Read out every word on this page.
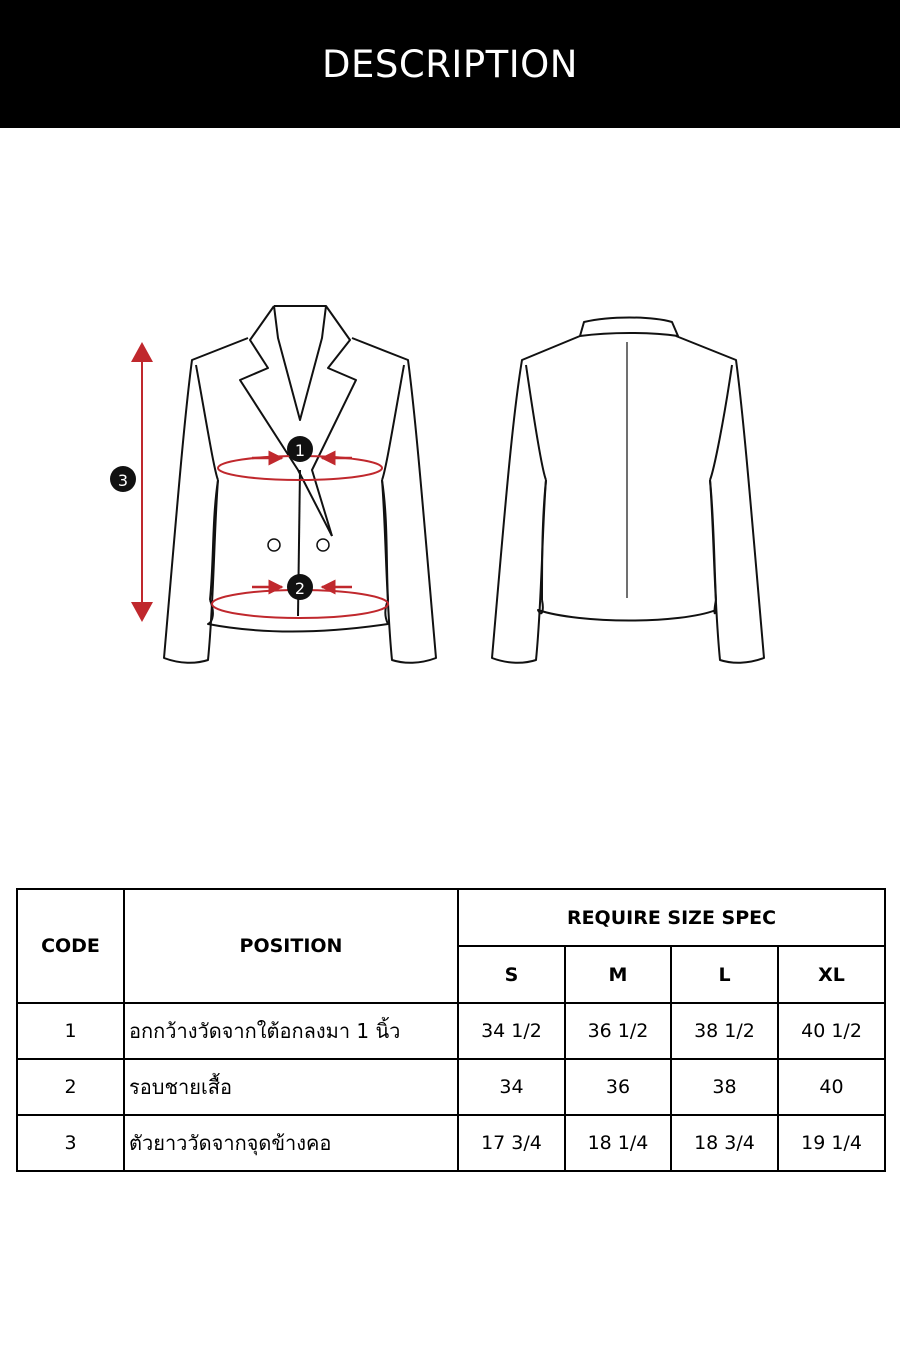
DESCRIPTION
1
2
3
CODE	POSITION	REQUIRE SIZE SPEC			
		S	M	L	XL
1	อกกว้างวัดจากใต้อกลงมา 1 นิ้ว	34 1/2	36 1/2	38 1/2	40 1/2
2	รอบชายเสื้อ	34	36	38	40
3	ตัวยาววัดจากจุดข้างคอ	17 3/4	18 1/4	18 3/4	19 1/4
